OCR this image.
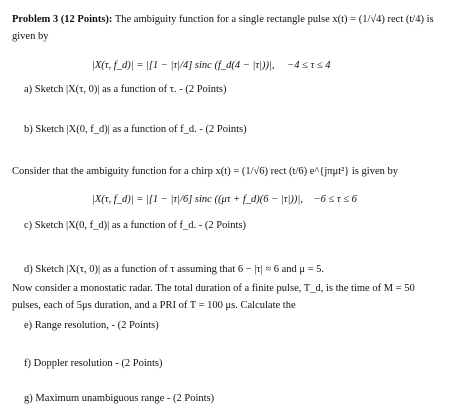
Problem 3 (12 Points): The ambiguity function for a single rectangle pulse x(t) = (1/√4) rect (t/4) is
given by
|X(τ, f_d)| = |[1 − |τ|/4] sinc (f_d(4 − |τ|))|, −4 ≤ τ ≤ 4
a) Sketch |X(τ, 0)| as a function of τ. - (2 Points)
b) Sketch |X(0, f_d)| as a function of f_d. - (2 Points)
Consider that the ambiguity function for a chirp x(t) = (1/√6) rect (t/6) e^{jπμt²} is given by
|X(τ, f_d)| = |[1 − |τ|/6] sinc ((μτ + f_d)(6 − |τ|))|, −6 ≤ τ ≤ 6
c) Sketch |X(0, f_d)| as a function of f_d. - (2 Points)
d) Sketch |X(τ, 0)| as a function of τ assuming that 6 − |τ| ≈ 6 and μ = 5.
Now consider a monostatic radar. The total duration of a finite pulse, T_d, is the time of M = 50
pulses, each of 5μs duration, and a PRI of T = 100 μs. Calculate the
e) Range resolution, - (2 Points)
f) Doppler resolution - (2 Points)
g) Maximum unambiguous range - (2 Points)
